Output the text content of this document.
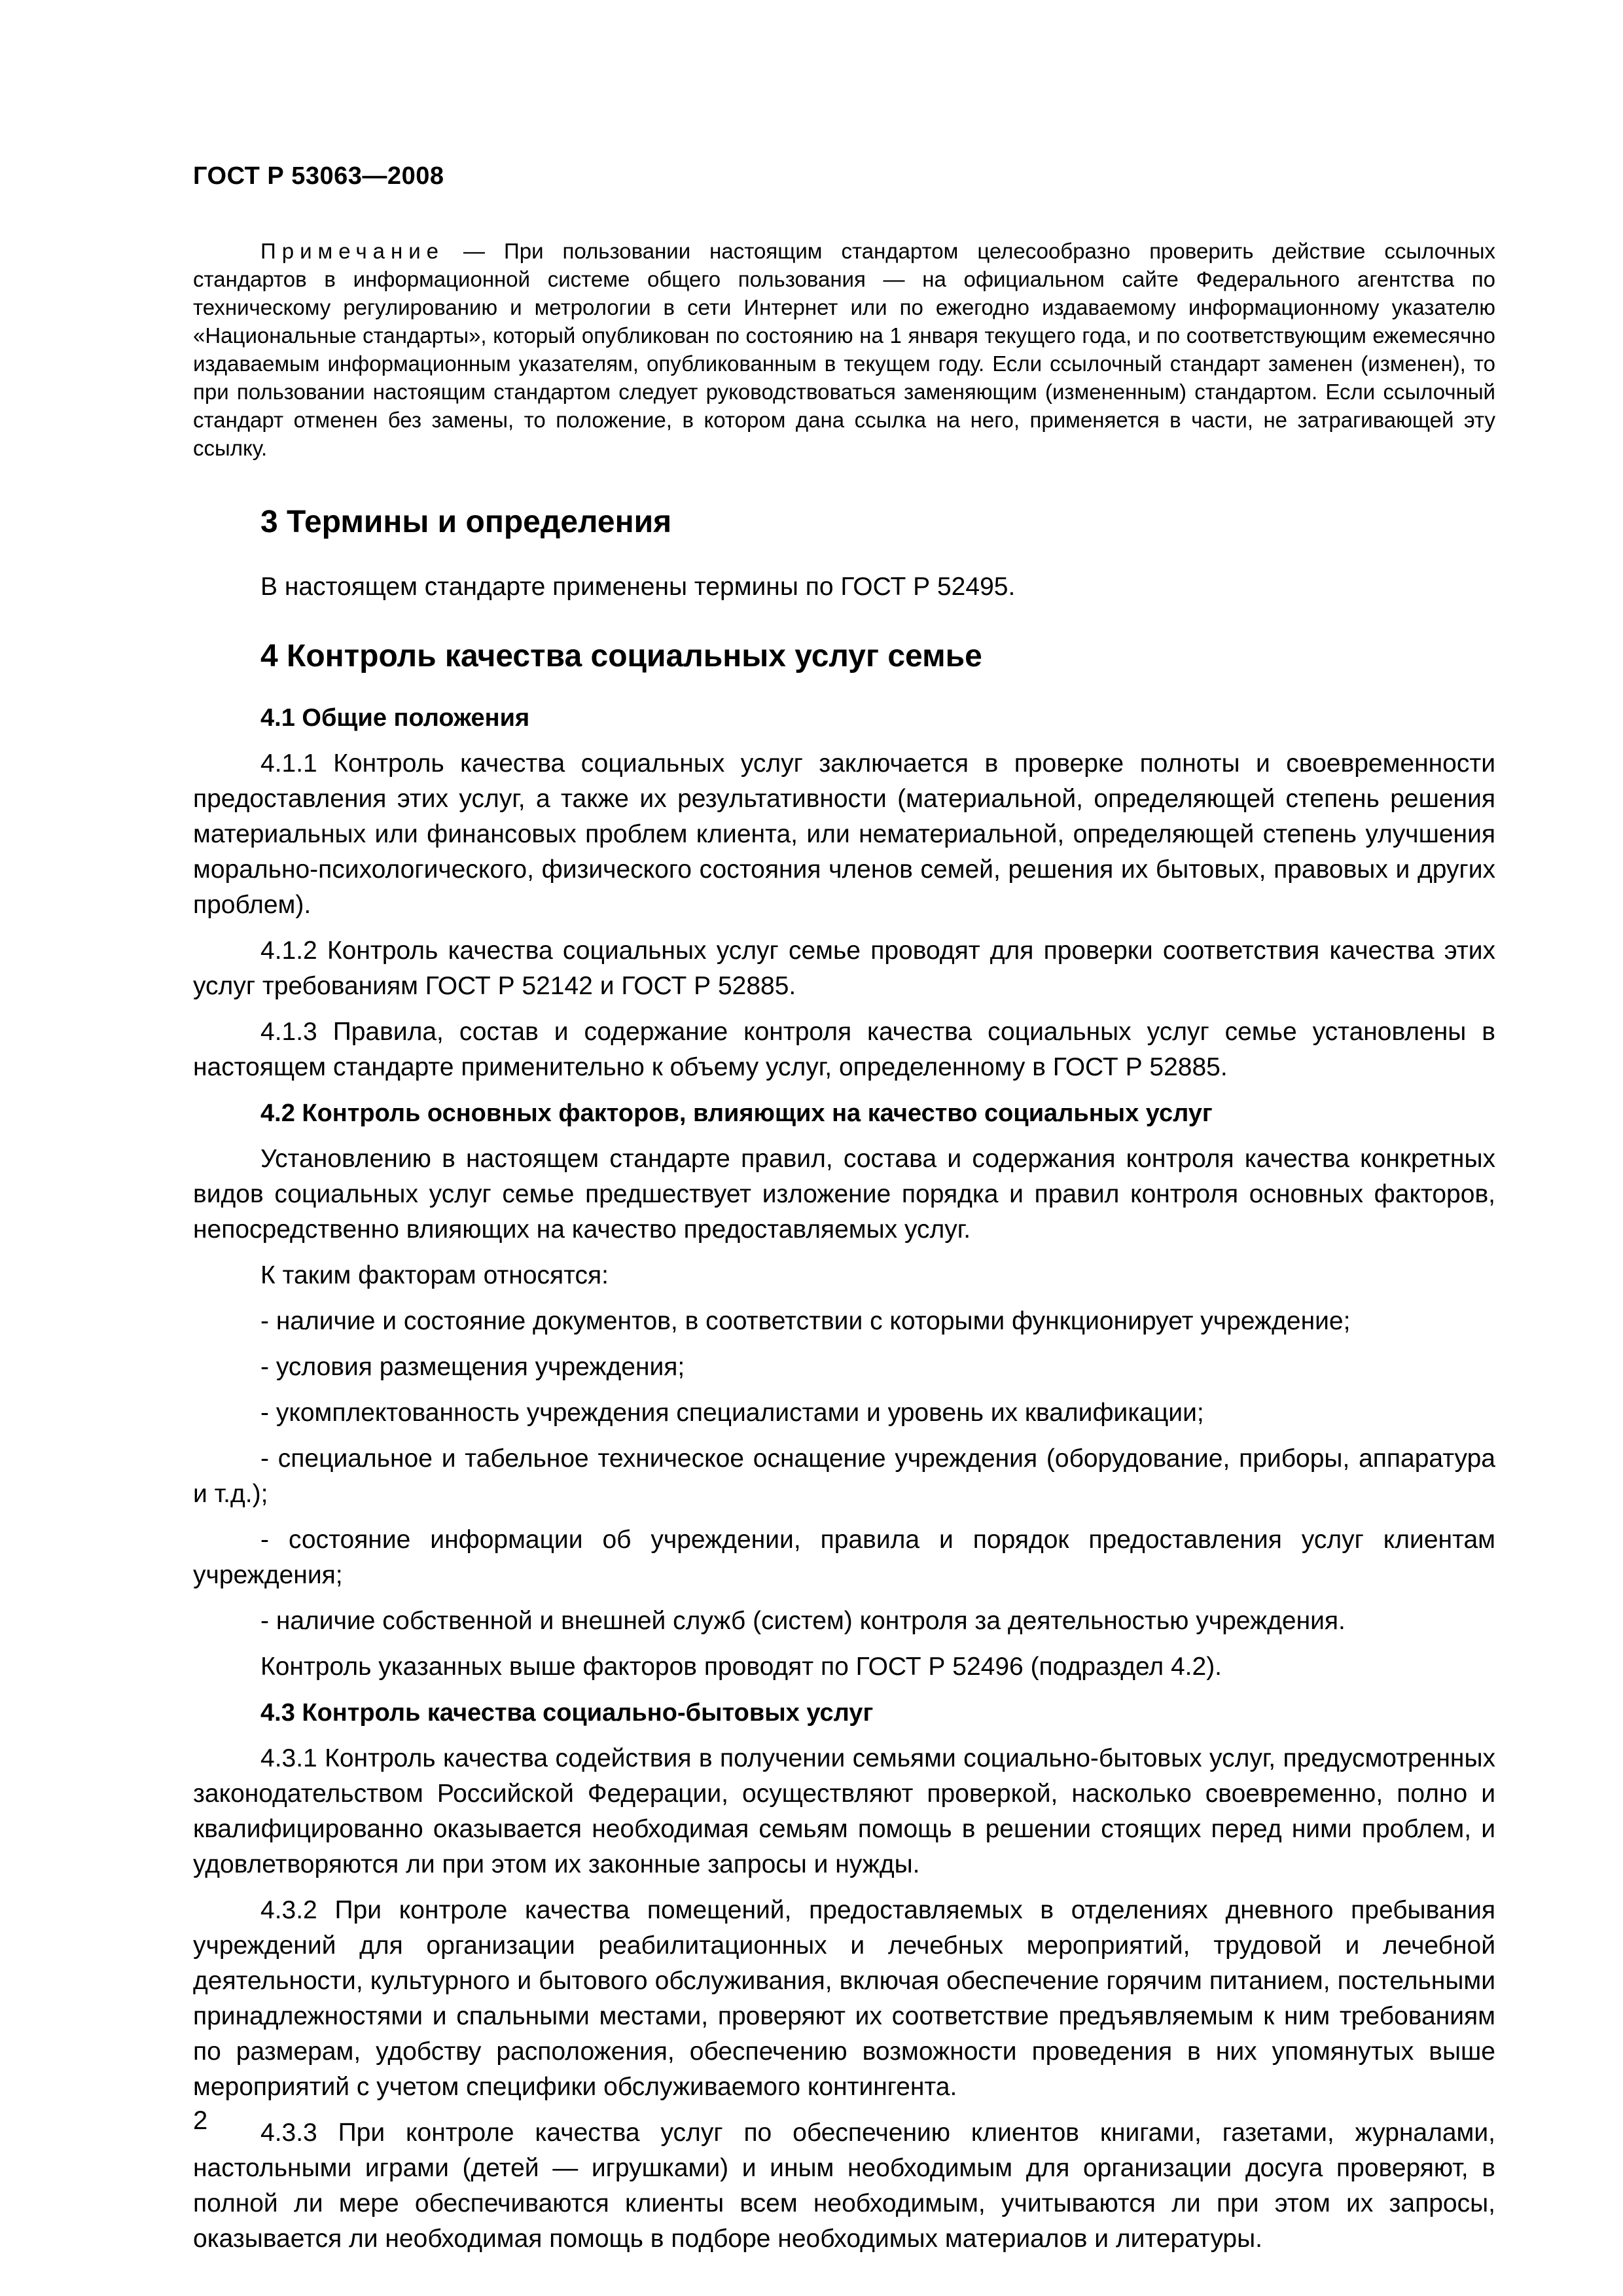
ГОСТ Р 53063—2008
Примечание — При пользовании настоящим стандартом целесообразно проверить действие ссылочных стандартов в информационной системе общего пользования — на официальном сайте Федерального агентства по техническому регулированию и метрологии в сети Интернет или по ежегодно издаваемому информационному указателю «Национальные стандарты», который опубликован по состоянию на 1 января текущего года, и по соответствующим ежемесячно издаваемым информационным указателям, опубликованным в текущем году. Если ссылочный стандарт заменен (изменен), то при пользовании настоящим стандартом следует руководствоваться заменяющим (измененным) стандартом. Если ссылочный стандарт отменен без замены, то положение, в котором дана ссылка на него, применяется в части, не затрагивающей эту ссылку.
3 Термины и определения

В настоящем стандарте применены термины по ГОСТ Р 52495.

4 Контроль качества социальных услуг семье
4.1 Общие положения

4.1.1 Контроль качества социальных услуг заключается в проверке полноты и своевременности предоставления этих услуг, а также их результативности (материальной, определяющей степень решения материальных или финансовых проблем клиента, или нематериальной, определяющей степень улучшения морально-психологического, физического состояния членов семей, решения их бытовых, правовых и других проблем).

4.1.2 Контроль качества социальных услуг семье проводят для проверки соответствия качества этих услуг требованиям ГОСТ Р 52142 и ГОСТ Р 52885.

4.1.3 Правила, состав и содержание контроля качества социальных услуг семье установлены в настоящем стандарте применительно к объему услуг, определенному в ГОСТ Р 52885.

4.2 Контроль основных факторов, влияющих на качество социальных услуг

Установлению в настоящем стандарте правил, состава и содержания контроля качества конкретных видов социальных услуг семье предшествует изложение порядка и правил контроля основных факторов, непосредственно влияющих на качество предоставляемых услуг.

К таким факторам относятся:

- наличие и состояние документов, в соответствии с которыми функционирует учреждение;

- условия размещения учреждения;

- укомплектованность учреждения специалистами и уровень их квалификации;

- специальное и табельное техническое оснащение учреждения (оборудование, приборы, аппаратура и т.д.);

- состояние информации об учреждении, правила и порядок предоставления услуг клиентам учреждения;

- наличие собственной и внешней служб (систем) контроля за деятельностью учреждения.

Контроль указанных выше факторов проводят по ГОСТ Р 52496 (подраздел 4.2).

4.3 Контроль качества социально-бытовых услуг

4.3.1 Контроль качества содействия в получении семьями социально-бытовых услуг, предусмотренных законодательством Российской Федерации, осуществляют проверкой, насколько своевременно, полно и квалифицированно оказывается необходимая семьям помощь в решении стоящих перед ними проблем, и удовлетворяются ли при этом их законные запросы и нужды.

4.3.2 При контроле качества помещений, предоставляемых в отделениях дневного пребывания учреждений для организации реабилитационных и лечебных мероприятий, трудовой и лечебной деятельности, культурного и бытового обслуживания, включая обеспечение горячим питанием, постельными принадлежностями и спальными местами, проверяют их соответствие предъявляемым к ним требованиям по размерам, удобству расположения, обеспечению возможности проведения в них упомянутых выше мероприятий с учетом специфики обслуживаемого контингента.

4.3.3 При контроле качества услуг по обеспечению клиентов книгами, газетами, журналами, настольными играми (детей — игрушками) и иным необходимым для организации досуга проверяют, в полной ли мере обеспечиваются клиенты всем необходимым, учитываются ли при этом их запросы, оказывается ли необходимая помощь в подборе необходимых материалов и литературы.

2
